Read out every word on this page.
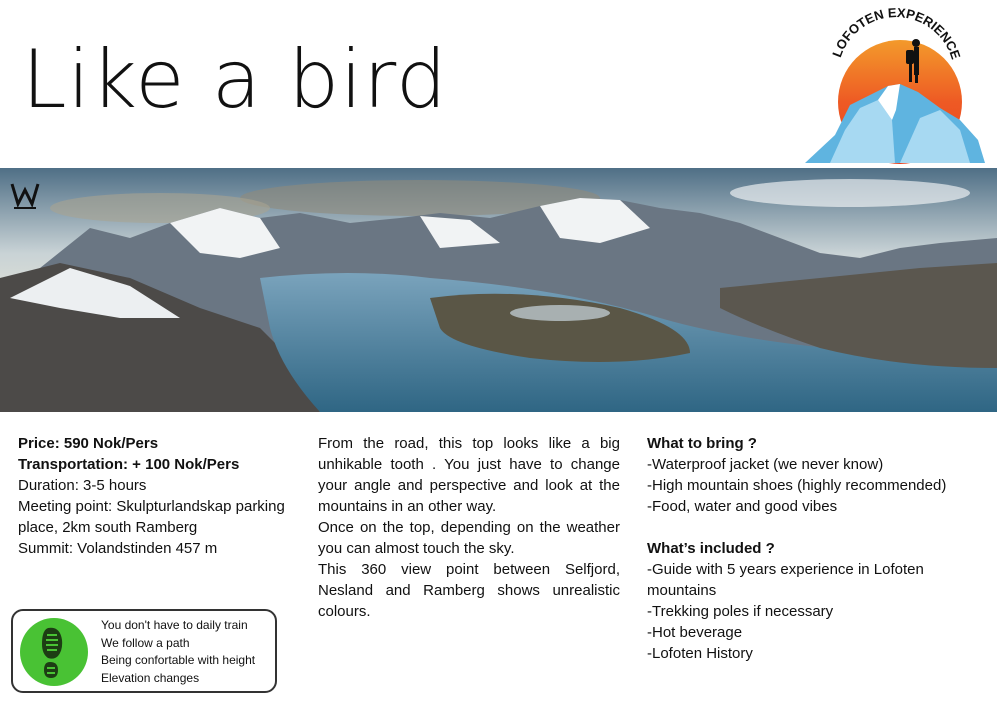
Like a bird	LOFOTEN EXPERIENCE

Price: 590 Nok/Pers

Transportation: + 100 Nok/Pers

Duration: 3-5 hours

Meeting point: Skulpturlandskap parking place, 2km south Ramberg

Summit: Volandstinden 457 m

From the road, this top looks like a big unhikable tooth . You just have to change your angle and perspective and look at the mountains in an other way.

Once on the top, depending on the weather you can almost touch the sky.

This 360 view point between Selfjord, Nesland and Ramberg shows unrealistic colours.

What to bring ?

-Waterproof jacket (we never know)

-High mountain shoes (highly recommended)

-Food, water and good vibes

What’s included ?

-Guide with 5 years experience in Lofoten mountains

-Trekking poles if necessary

-Hot beverage

-Lofoten History

You don't have to daily train
We follow a path
Being confortable with height
Elevation changes
